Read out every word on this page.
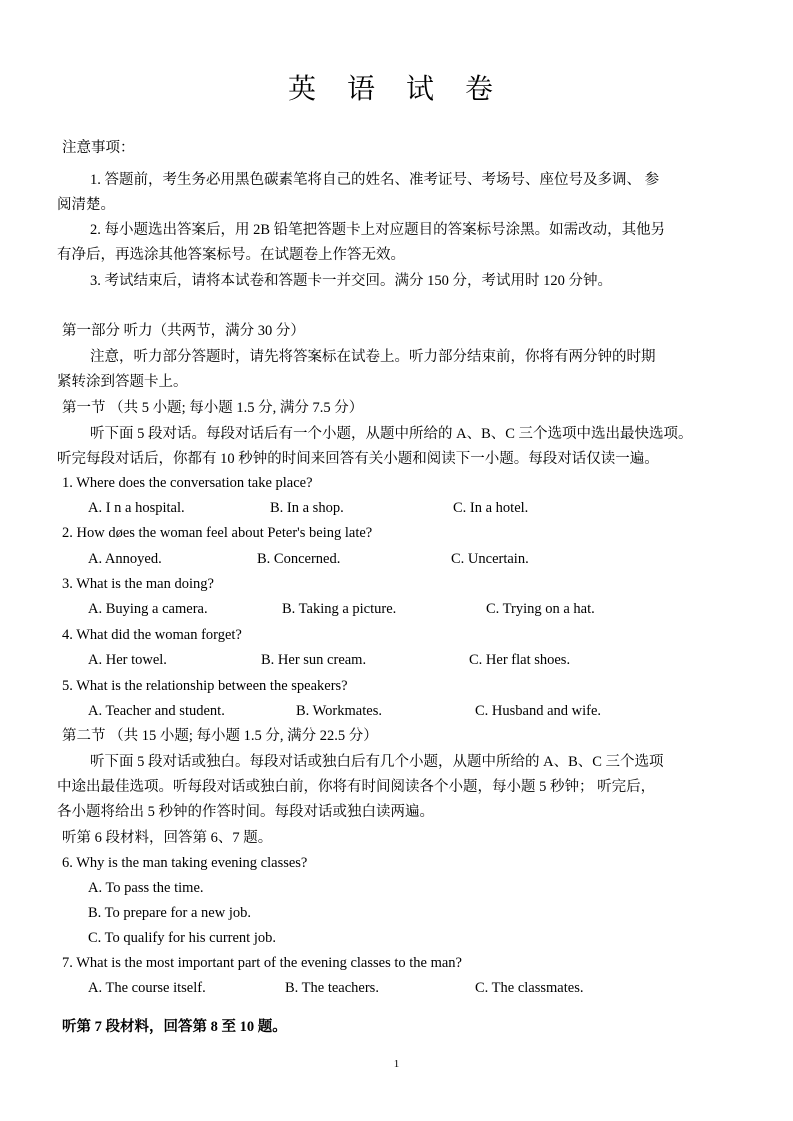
英 语 试 卷
注意事项：
1. 答题前，考生务必用黑色碳素笔将自己的姓名、准考证号、考场号、座位号及多调、 参
阅清楚。
2. 每小题选出答案后，用 2B 铅笔把答题卡上对应题目的答案标号涂黑。如需改动，其他另
有净后，再选涂其他答案标号。在试题卷上作答无效。
3. 考试结束后，请将本试卷和答题卡一并交回。满分 150 分，考试用时 120 分钟。
第一部分 听力（共两节，满分 30 分）
注意，听力部分答题时，请先将答案标在试卷上。听力部分结束前，你将有两分钟的时期
紧转涂到答题卡上。
第一节 （共 5 小题; 每小题 1.5 分, 满分 7.5 分）
听下面 5 段对话。每段对话后有一个小题，从题中所给的 A、B、C 三个选项中选出最快选项。
听完每段对话后，你都有 10 秒钟的时间来回答有关小题和阅读下一小题。每段对话仅读一遍。
1. Where does the conversation take place?
A. I n a hospital.	B. In a shop.	C. In a hotel.
2. How døes the woman feel about Peter's being late?
A. Annoyed.	B. Concerned.	C. Uncertain.
3. What is the man doing?
A. Buying a camera.	B. Taking a picture.	C. Trying on a hat.
4. What did the woman forget?
A. Her towel.	B. Her sun cream.	C. Her flat shoes.
5. What is the relationship between the speakers?
A. Teacher and student.	B. Workmates.	C. Husband and wife.
第二节 （共 15 小题; 每小题 1.5 分, 满分 22.5 分）
听下面 5 段对话或独白。每段对话或独白后有几个小题，从题中所给的 A、B、C 三个选项
中途出最佳选项。听每段对话或独白前，你将有时间阅读各个小题，每小题 5 秒钟； 听完后，
各小题将给出 5 秒钟的作答时间。每段对话或独白读两遍。
听第 6 段材料，回答第 6、7 题。
6. Why is the man taking evening classes?
A. To pass the time.
B. To prepare for a new job.
C. To qualify for his current job.
7. What is the most important part of the evening classes to the man?
A. The course itself.	B. The teachers.	C. The classmates.
听第 7 段材料，回答第 8 至 10 题。
1
